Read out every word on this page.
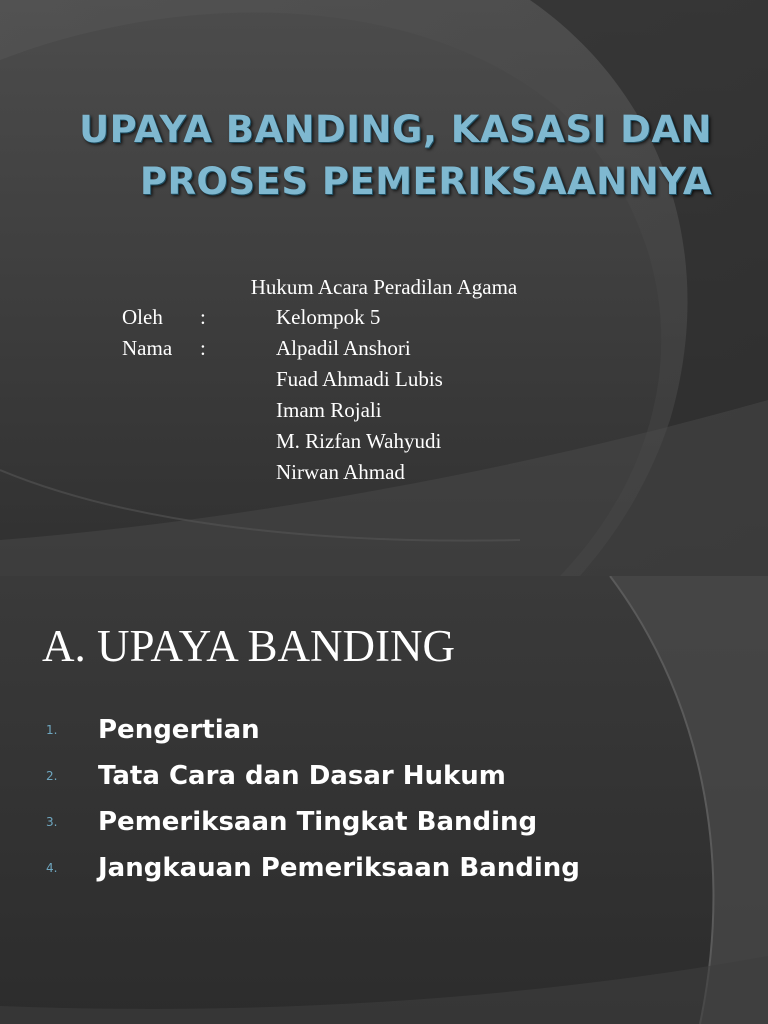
UPAYA BANDING, KASASI DAN
PROSES PEMERIKSAANNYA
Hukum Acara Peradilan Agama
Oleh	:	Kelompok 5
Nama	:	Alpadil Anshori
Fuad Ahmadi Lubis
Imam Rojali
M. Rizfan Wahyudi
Nirwan Ahmad
A. UPAYA BANDING
1. Pengertian
2. Tata Cara dan Dasar Hukum
3. Pemeriksaan Tingkat Banding
4. Jangkauan Pemeriksaan Banding
